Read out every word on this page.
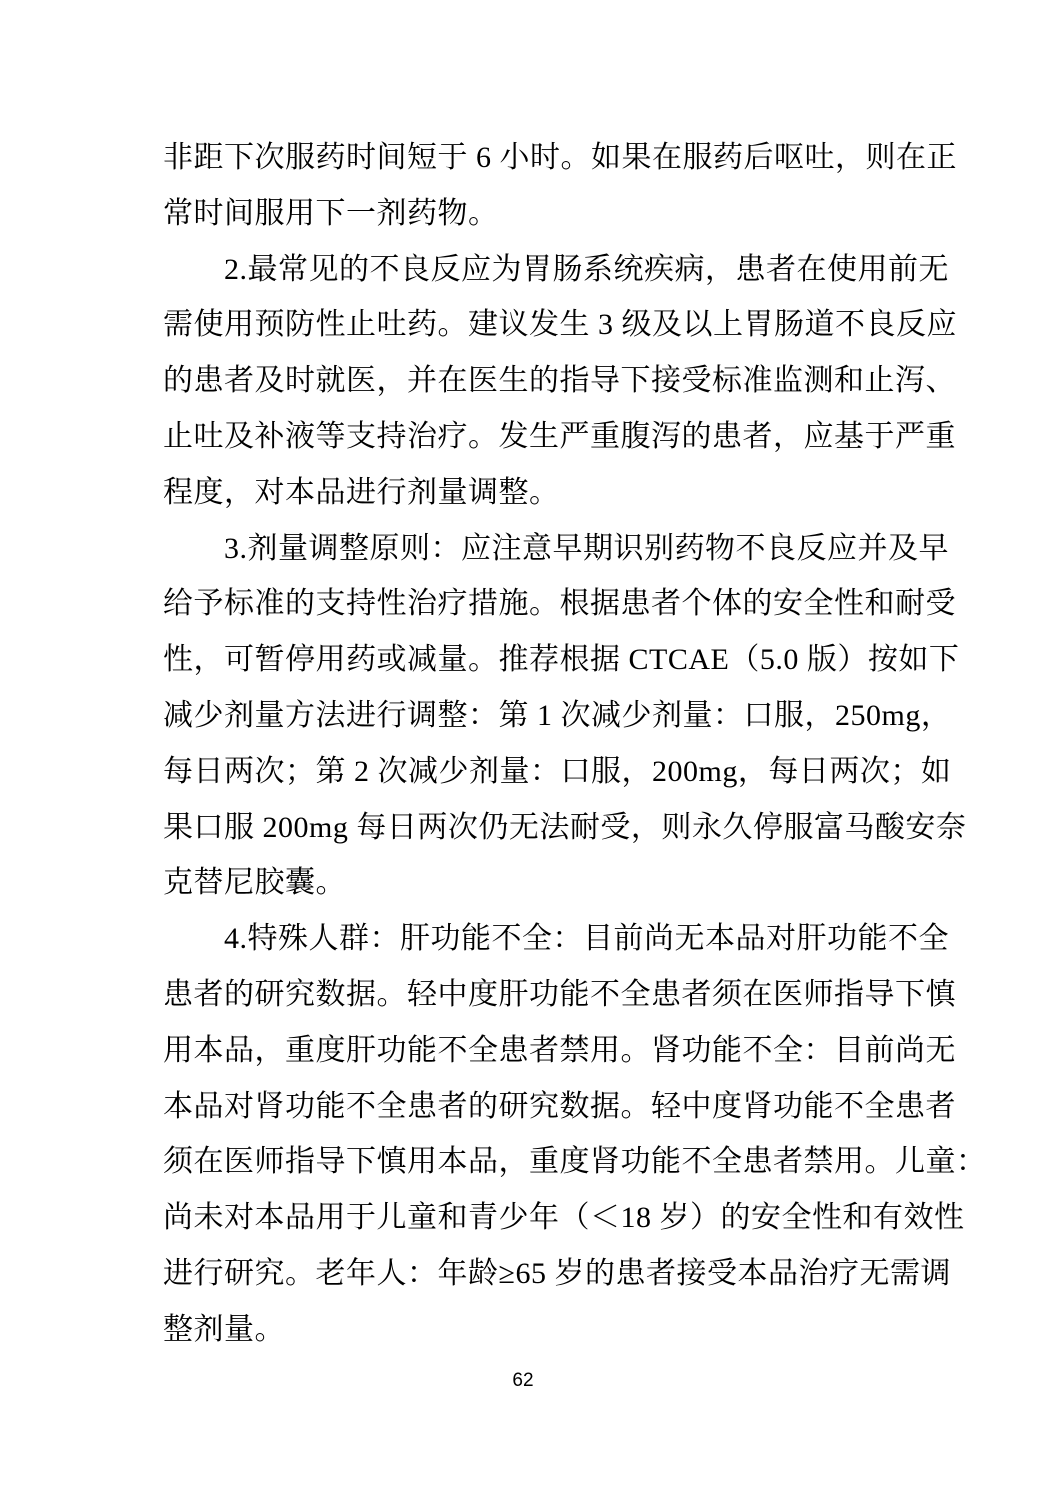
非距下次服药时间短于 6 小时。如果在服药后呕吐，则在正
常时间服用下一剂药物。
2.最常见的不良反应为胃肠系统疾病，患者在使用前无
需使用预防性止吐药。建议发生 3 级及以上胃肠道不良反应
的患者及时就医，并在医生的指导下接受标准监测和止泻、
止吐及补液等支持治疗。发生严重腹泻的患者，应基于严重
程度，对本品进行剂量调整。
3.剂量调整原则：应注意早期识别药物不良反应并及早
给予标准的支持性治疗措施。根据患者个体的安全性和耐受
性，可暂停用药或减量。推荐根据 CTCAE（5.0 版）按如下
减少剂量方法进行调整：第 1 次减少剂量：口服，250mg，
每日两次；第 2 次减少剂量：口服，200mg，每日两次；如
果口服 200mg 每日两次仍无法耐受，则永久停服富马酸安奈
克替尼胶囊。
4.特殊人群：肝功能不全：目前尚无本品对肝功能不全
患者的研究数据。轻中度肝功能不全患者须在医师指导下慎
用本品，重度肝功能不全患者禁用。肾功能不全：目前尚无
本品对肾功能不全患者的研究数据。轻中度肾功能不全患者
须在医师指导下慎用本品，重度肾功能不全患者禁用。儿童：
尚未对本品用于儿童和青少年（＜18 岁）的安全性和有效性
进行研究。老年人：年龄≥65 岁的患者接受本品治疗无需调
整剂量。
62
